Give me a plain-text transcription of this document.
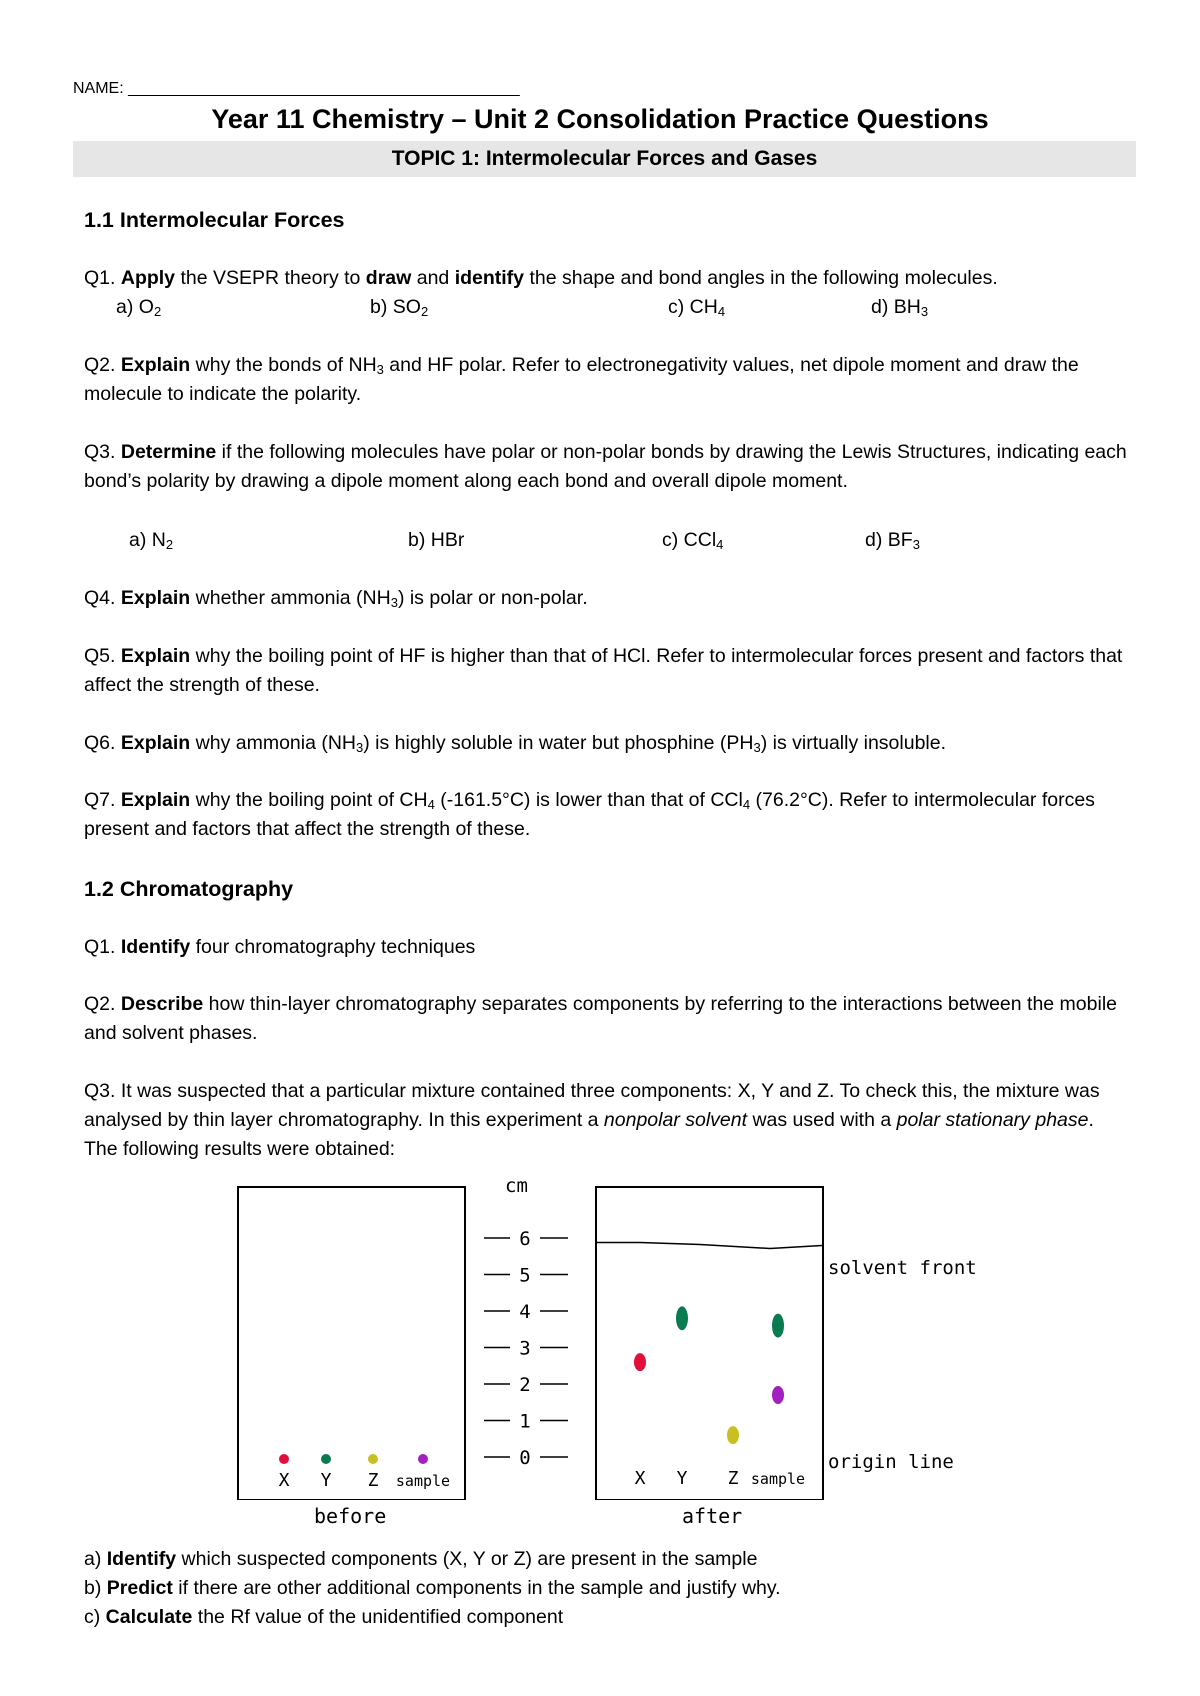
NAME: ____________________________________________
Year 11 Chemistry – Unit 2 Consolidation Practice Questions
TOPIC 1: Intermolecular Forces and Gases
1.1 Intermolecular Forces
Q1. Apply the VSEPR theory to draw and identify the shape and bond angles in the following molecules.
a) $O_2$	b) $SO_2$	c) $CH_4$	d) $BH_3$
Q2. Explain why the bonds of $NH_3$ and HF polar. Refer to electronegativity values, net dipole moment and draw the molecule to indicate the polarity.
Q3. Determine if the following molecules have polar or non-polar bonds by drawing the Lewis Structures, indicating each bond’s polarity by drawing a dipole moment along each bond and overall dipole moment.
a) $N_2$	b) HBr	c) CCl$_4$	d) $BF_3$
Q4. Explain whether ammonia $(NH_3)$ is polar or non-polar.
Q5. Explain why the boiling point of HF is higher than that of HCl. Refer to intermolecular forces present and factors that affect the strength of these.
Q6. Explain why ammonia $(NH_3)$ is highly soluble in water but phosphine $(PH_3)$ is virtually insoluble.
Q7. Explain why the boiling point of $CH_4$ (-161.5°C) is lower than that of CCl$_4$ (76.2°C). Refer to intermolecular forces present and factors that affect the strength of these.
1.2 Chromatography
Q1. Identify four chromatography techniques
Q2. Describe how thin-layer chromatography separates components by referring to the interactions between the mobile and solvent phases.
Q3. It was suspected that a particular mixture contained three components: X, Y and Z. To check this, the mixture was analysed by thin layer chromatography. In this experiment a nonpolar solvent was used with a polar stationary phase. The following results were obtained:
6
5
4
3
2
1
0
X	X
Y	Y
Z	Z
sample	sample
cm
solvent front
origin line
before	after
a) Identify which suspected components (X, Y or Z) are present in the sample
b) Predict if there are other additional components in the sample and justify why.
c) Calculate the Rf value of the unidentified component
